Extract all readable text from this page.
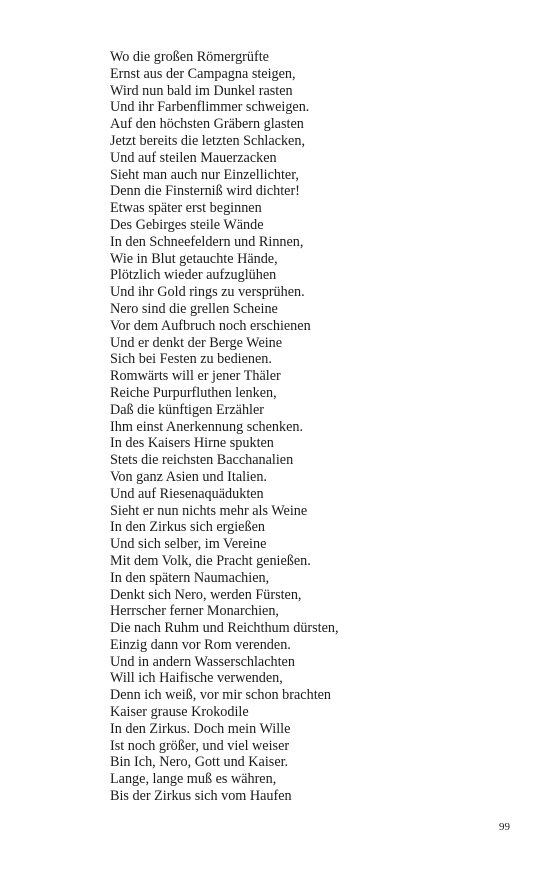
Wo die großen Römergrüfte
Ernst aus der Campagna steigen,
Wird nun bald im Dunkel rasten
Und ihr Farbenflimmer schweigen.
Auf den höchsten Gräbern glasten
Jetzt bereits die letzten Schlacken,
Und auf steilen Mauerzacken
Sieht man auch nur Einzellichter,
Denn die Finsterniß wird dichter!
Etwas später erst beginnen
Des Gebirges steile Wände
In den Schneefeldern und Rinnen,
Wie in Blut getauchte Hände,
Plötzlich wieder aufzuglühen
Und ihr Gold rings zu versprühen.
Nero sind die grellen Scheine
Vor dem Aufbruch noch erschienen
Und er denkt der Berge Weine
Sich bei Festen zu bedienen.
Romwärts will er jener Thäler
Reiche Purpurfluthen lenken,
Daß die künftigen Erzähler
Ihm einst Anerkennung schenken.
In des Kaisers Hirne spukten
Stets die reichsten Bacchanalien
Von ganz Asien und Italien.
Und auf Riesenaquädukten
Sieht er nun nichts mehr als Weine
In den Zirkus sich ergießen
Und sich selber, im Vereine
Mit dem Volk, die Pracht genießen.
In den spätern Naumachien,
Denkt sich Nero, werden Fürsten,
Herrscher ferner Monarchien,
Die nach Ruhm und Reichthum dürsten,
Einzig dann vor Rom verenden.
Und in andern Wasserschlachten
Will ich Haifische verwenden,
Denn ich weiß, vor mir schon brachten
Kaiser grause Krokodile
In den Zirkus. Doch mein Wille
Ist noch größer, und viel weiser
Bin Ich, Nero, Gott und Kaiser.
Lange, lange muß es währen,
Bis der Zirkus sich vom Haufen
99
